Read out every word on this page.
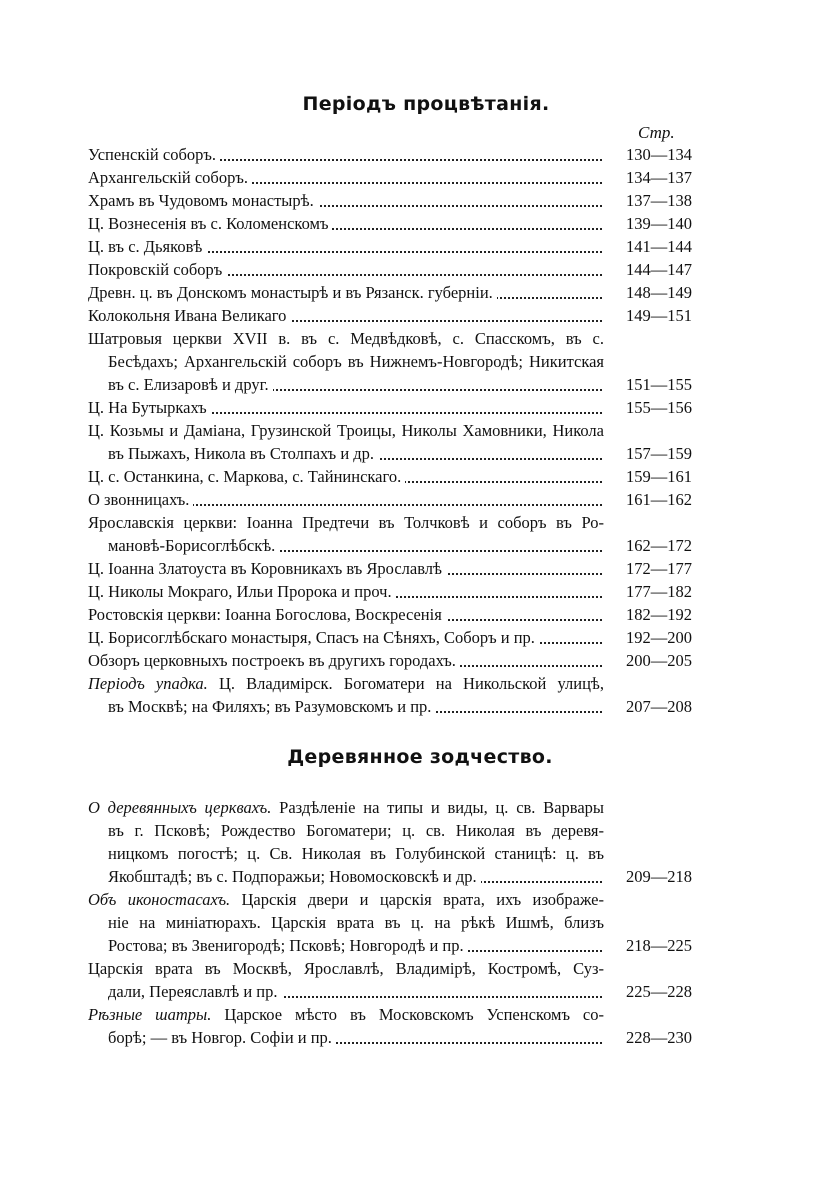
Періодъ процвѣтанія.
Стр.
Успенскій соборъ.	130—134
Архангельскій соборъ.	134—137
Храмъ въ Чудовомъ монастырѣ.	137—138
Ц. Вознесенія въ с. Коломенскомъ	139—140
Ц. въ с. Дьяковѣ	141—144
Покровскій соборъ	144—147
Древн. ц. въ Донскомъ монастырѣ и въ Рязанск. губерніи.	148—149
Колокольня Ивана Великаго	149—151
Шатровыя церкви XVII в. въ с. Медвѣдковѣ, с. Спасскомъ, въ с.
Бесѣдахъ; Архангельскій соборъ въ Нижнемъ-Новгородѣ; Никитская
въ с. Елизаровѣ и друг.	151—155
Ц. На Бутыркахъ	155—156
Ц. Козьмы и Даміана, Грузинской Троицы, Николы Хамовники, Никола
въ Пыжахъ, Никола въ Столпахъ и др.	157—159
Ц. с. Останкина, с. Маркова, с. Тайнинскаго.	159—161
О звонницахъ.	161—162
Ярославскія церкви: Іоанна Предтечи въ Толчковѣ и соборъ въ Ро-
мановѣ-Борисоглѣбскѣ.	162—172
Ц. Іоанна Златоуста въ Коровникахъ въ Ярославлѣ	172—177
Ц. Николы Мокраго, Ильи Пророка и проч.	177—182
Ростовскія церкви: Іоанна Богослова, Воскресенія	182—192
Ц. Борисоглѣбскаго монастыря, Спасъ на Сѣняхъ, Соборъ и пр.	192—200
Обзоръ церковныхъ построекъ въ другихъ городахъ.	200—205
Періодъ упадка. Ц. Владимірск. Богоматери на Никольской улицѣ,
въ Москвѣ; на Филяхъ; въ Разумовскомъ и пр.	207—208
Деревянное зодчество.
О деревянныхъ церквахъ. Раздѣленіе на типы и виды, ц. св. Варвары
въ г. Псковѣ; Рождество Богоматери; ц. св. Николая въ деревя-
ницкомъ погостѣ; ц. Св. Николая въ Голубинской станицѣ: ц. въ
Якобштадѣ; въ с. Подпоражьи; Новомосковскѣ и др.	209—218
Объ иконостасахъ. Царскія двери и царскія врата, ихъ изображе-
ніе на миніатюрахъ. Царскія врата въ ц. на рѣкѣ Ишмѣ, близъ
Ростова; въ Звенигородѣ; Псковѣ; Новгородѣ и пр.	218—225
Царскія врата въ Москвѣ, Ярославлѣ, Владимірѣ, Костромѣ, Суз-
дали, Переяславлѣ и пр.	225—228
Рѣзные шатры. Царское мѣсто въ Московскомъ Успенскомъ со-
борѣ; — въ Новгор. Софіи и пр.	228—230
